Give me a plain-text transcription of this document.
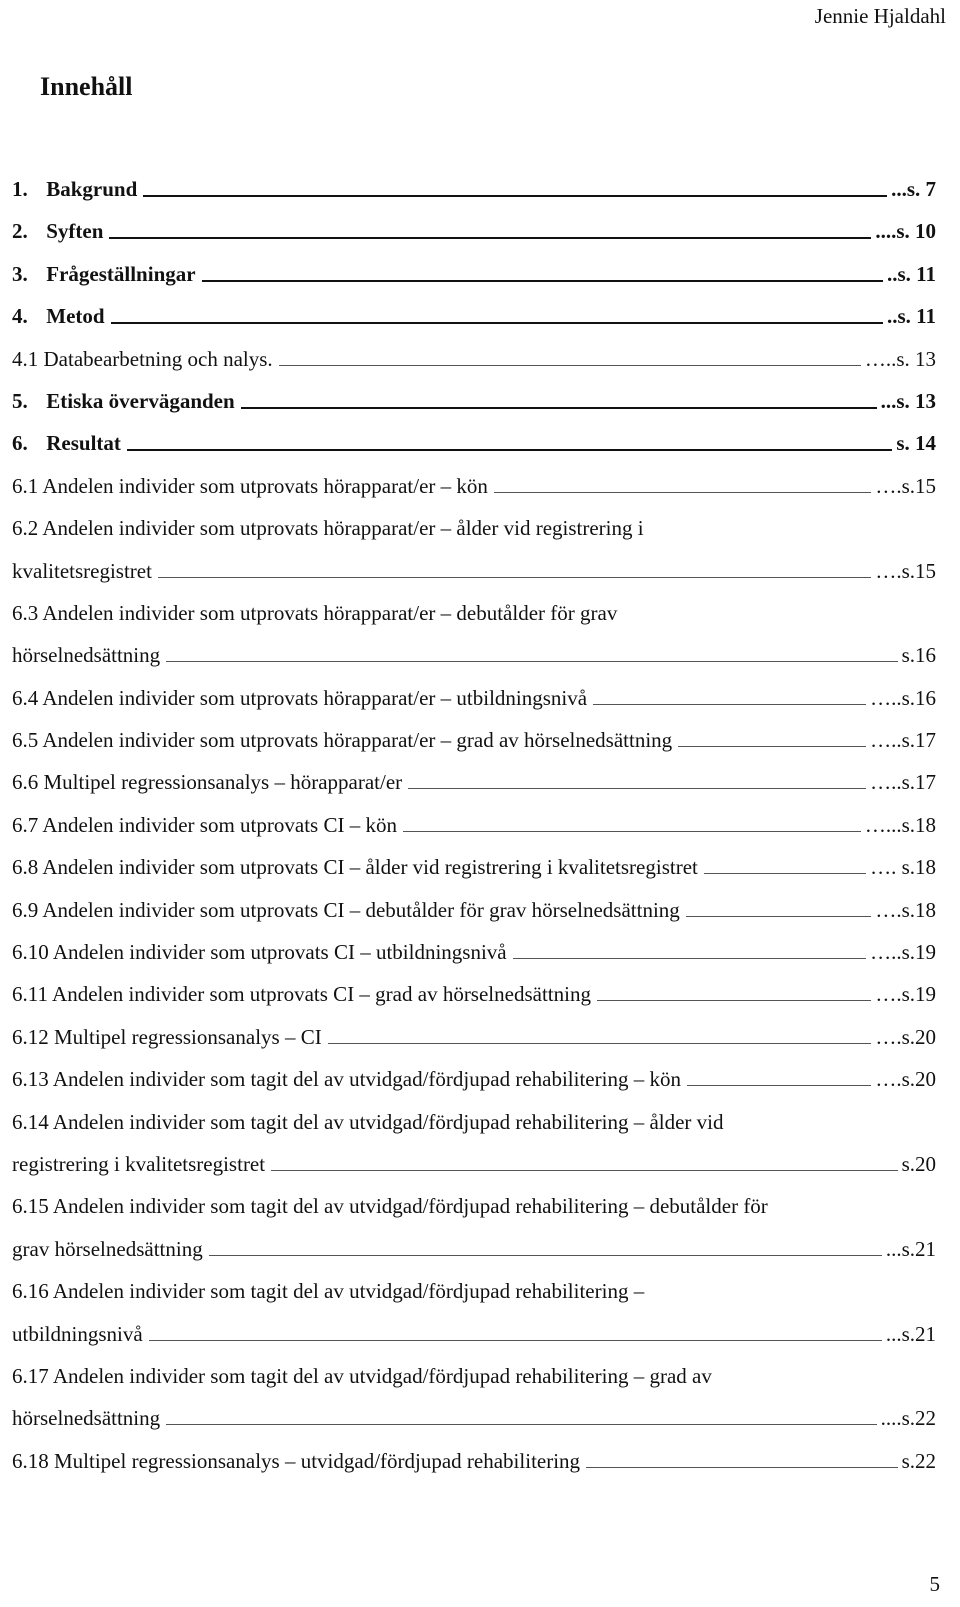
Jennie Hjaldahl
Innehåll
1. Bakgrund	...s. 7
2. Syften	....s. 10
3. Frågeställningar	..s. 11
4. Metod	..s. 11
4.1 Databearbetning och nalys.	…..s. 13
5. Etiska överväganden	...s. 13
6. Resultat	s. 14
6.1 Andelen individer som utprovats hörapparat/er – kön	….s.15
6.2 Andelen individer som utprovats hörapparat/er – ålder vid registrering i
kvalitetsregistret	….s.15
6.3 Andelen individer som utprovats hörapparat/er – debutålder för grav
hörselnedsättning	s.16
6.4 Andelen individer som utprovats hörapparat/er – utbildningsnivå	…..s.16
6.5 Andelen individer som utprovats hörapparat/er – grad av hörselnedsättning	…..s.17
6.6 Multipel regressionsanalys – hörapparat/er	…..s.17
6.7 Andelen individer som utprovats CI – kön	…...s.18
6.8 Andelen individer som utprovats CI – ålder vid registrering i kvalitetsregistret	…. s.18
6.9 Andelen individer som utprovats CI – debutålder för grav hörselnedsättning	….s.18
6.10 Andelen individer som utprovats CI – utbildningsnivå	…..s.19
6.11 Andelen individer som utprovats CI – grad av hörselnedsättning	….s.19
6.12 Multipel regressionsanalys – CI	….s.20
6.13 Andelen individer som tagit del av utvidgad/fördjupad rehabilitering – kön	….s.20
6.14 Andelen individer som tagit del av utvidgad/fördjupad rehabilitering – ålder vid
registrering i kvalitetsregistret	s.20
6.15 Andelen individer som tagit del av utvidgad/fördjupad rehabilitering – debutålder för
grav hörselnedsättning	...s.21
6.16 Andelen individer som tagit del av utvidgad/fördjupad rehabilitering –
utbildningsnivå	...s.21
6.17 Andelen individer som tagit del av utvidgad/fördjupad rehabilitering – grad av
hörselnedsättning	....s.22
6.18 Multipel regressionsanalys – utvidgad/fördjupad rehabilitering	s.22
5
